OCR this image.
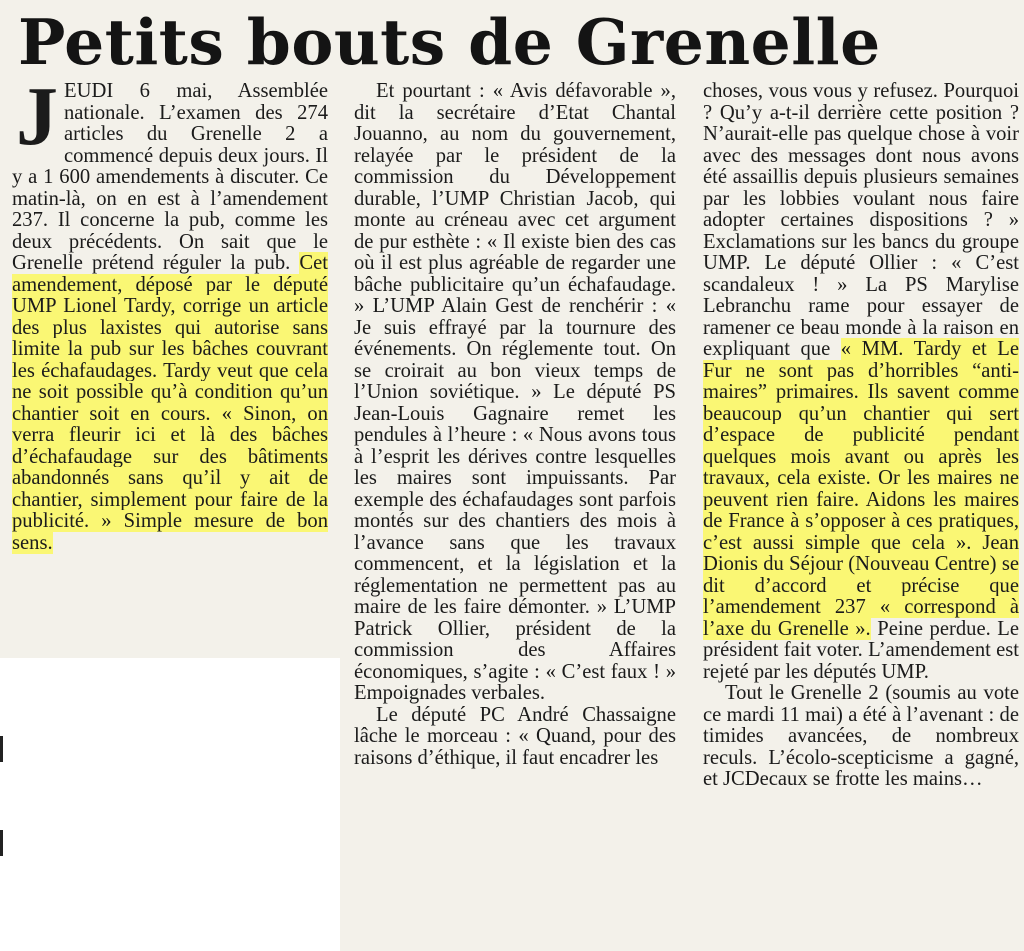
Petits bouts de Grenelle

JEUDI 6 mai, Assemblée nationale. L’examen des 274 articles du Grenelle 2 a commencé depuis deux jours. Il y a 1 600 amendements à discuter. Ce matin-là, on en est à l’amendement 237. Il concerne la pub, comme les deux précédents. On sait que le Grenelle prétend réguler la pub. Cet amendement, déposé par le député UMP Lionel Tardy, corrige un article des plus laxistes qui autorise sans limite la pub sur les bâches couvrant les échafaudages. Tardy veut que cela ne soit possible qu’à condition qu’un chantier soit en cours. « Sinon, on verra fleurir ici et là des bâches d’échafaudage sur des bâtiments abandonnés sans qu’il y ait de chantier, simplement pour faire de la publicité. » Simple mesure de bon sens.

Et pourtant : « Avis défavorable », dit la secrétaire d’Etat Chantal Jouanno, au nom du gouvernement, relayée par le président de la commission du Développement durable, l’UMP Christian Jacob, qui monte au créneau avec cet argument de pur esthète : « Il existe bien des cas où il est plus agréable de regarder une bâche publicitaire qu’un échafaudage. » L’UMP Alain Gest de renchérir : « Je suis effrayé par la tournure des événements. On réglemente tout. On se croirait au bon vieux temps de l’Union soviétique. » Le député PS Jean-Louis Gagnaire remet les pendules à l’heure : « Nous avons tous à l’esprit les dérives contre lesquelles les maires sont impuissants. Par exemple des échafaudages sont parfois montés sur des chantiers des mois à l’avance sans que les travaux commencent, et la législation et la réglementation ne permettent pas au maire de les faire démonter. » L’UMP Patrick Ollier, président de la commission des Affaires économiques, s’agite : « C’est faux ! » Empoignades verbales.

Le député PC André Chassaigne lâche le morceau : « Quand, pour des raisons d’éthique, il faut encadrer les

choses, vous vous y refusez. Pourquoi ? Qu’y a-t-il derrière cette position ? N’aurait-elle pas quelque chose à voir avec des messages dont nous avons été assaillis depuis plusieurs semaines par les lobbies voulant nous faire adopter certaines dispositions ? » Exclamations sur les bancs du groupe UMP. Le député Ollier : « C’est scandaleux ! » La PS Marylise Lebranchu rame pour essayer de ramener ce beau monde à la raison en expliquant que « MM. Tardy et Le Fur ne sont pas d’horribles “anti-maires” primaires. Ils savent comme beaucoup qu’un chantier qui sert d’espace de publicité pendant quelques mois avant ou après les travaux, cela existe. Or les maires ne peuvent rien faire. Aidons les maires de France à s’opposer à ces pratiques, c’est aussi simple que cela ». Jean Dionis du Séjour (Nouveau Centre) se dit d’accord et précise que l’amendement 237 « correspond à l’axe du Grenelle ». Peine perdue. Le président fait voter. L’amendement est rejeté par les députés UMP.

Tout le Grenelle 2 (soumis au vote ce mardi 11 mai) a été à l’avenant : de timides avancées, de nombreux reculs. L’écolo-scepticisme a gagné, et JCDecaux se frotte les mains…
